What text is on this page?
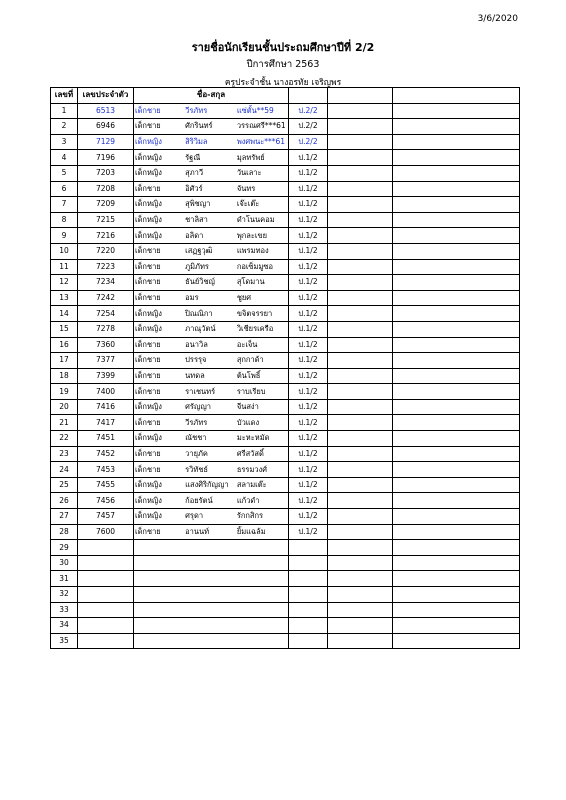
3/6/2020
รายชื่อนักเรียนชั้นประถมศึกษาปีที่ 2/2
ปีการศึกษา 2563
ครูประจำชั้น นางอรทัย เจริญพร
เลขที่	เลขประจำตัว	ชื่อ-สกุล					
1	6513	เด็กชาย	วีรภัทร	แซ่ตั้น**59	ป.2/2		
2	6946	เด็กชาย	ศักรินทร์	วรรณศรี***61	ป.2/2		
3	7129	เด็กหญิง	สิริวิมล	พงศพนะ***61	ป.2/2		
4	7196	เด็กหญิง	รัฐณี	มุลทรัพย์	ป.1/2		
5	7203	เด็กหญิง	สุภาวี	วันเลาะ	ป.1/2		
6	7208	เด็กชาย	อิศัวร์	จันทร	ป.1/2		
7	7209	เด็กหญิง	สุพิชญา	เจ๊ะเต๊ะ	ป.1/2		
8	7215	เด็กหญิง	ชาลิสา	ดำโนนคอม	ป.1/2		
9	7216	เด็กหญิง	อลิดา	พุกละเขย	ป.1/2		
10	7220	เด็กชาย	เสฏฐวุฒิ	แพรมทอง	ป.1/2		
11	7223	เด็กชาย	ภูมิภัทร	กอเซ็มมูซอ	ป.1/2		
12	7234	เด็กชาย	ธันย์วิชญ์	สุโดมาน	ป.1/2		
13	7242	เด็กชาย	อมร	ชูยศ	ป.1/2		
14	7254	เด็กหญิง	ปิณณิกา	ขจิตจรรยา	ป.1/2		
15	7278	เด็กหญิง	ภาณุวัตน์	วิเชียรเครือ	ป.1/2		
16	7360	เด็กชาย	อนาวิล	อะเจ็น	ป.1/2		
17	7377	เด็กชาย	ปรรรุจ	สุกกาด้า	ป.1/2		
18	7399	เด็กชาย	นทดล	ต้นโพธิ์	ป.1/2		
19	7400	เด็กชาย	ราเชนทร์	ราบเรียบ	ป.1/2		
20	7416	เด็กหญิง	ศรัญญา	จีนสง่า	ป.1/2		
21	7417	เด็กชาย	วีรภัทร	บัวแดง	ป.1/2		
22	7451	เด็กหญิง	ณัชชา	มะหะหมัด	ป.1/2		
23	7452	เด็กชาย	วายุภัค	ศรีสวัสดิ์	ป.1/2		
24	7453	เด็กชาย	รวิทัชธ์	ธรรมวงศ์	ป.1/2		
25	7455	เด็กหญิง	แสงศิริกัญญา	สลามเต๊ะ	ป.1/2		
26	7456	เด็กหญิง	ก้อยรัตน์	แก้วดำ	ป.1/2		
27	7457	เด็กหญิง	ศรุดา	รักกสิกร	ป.1/2		
28	7600	เด็กชาย	อานนท์	ยิ้มแฉล้ม	ป.1/2		
29							
30							
31							
32							
33							
34							
35							
